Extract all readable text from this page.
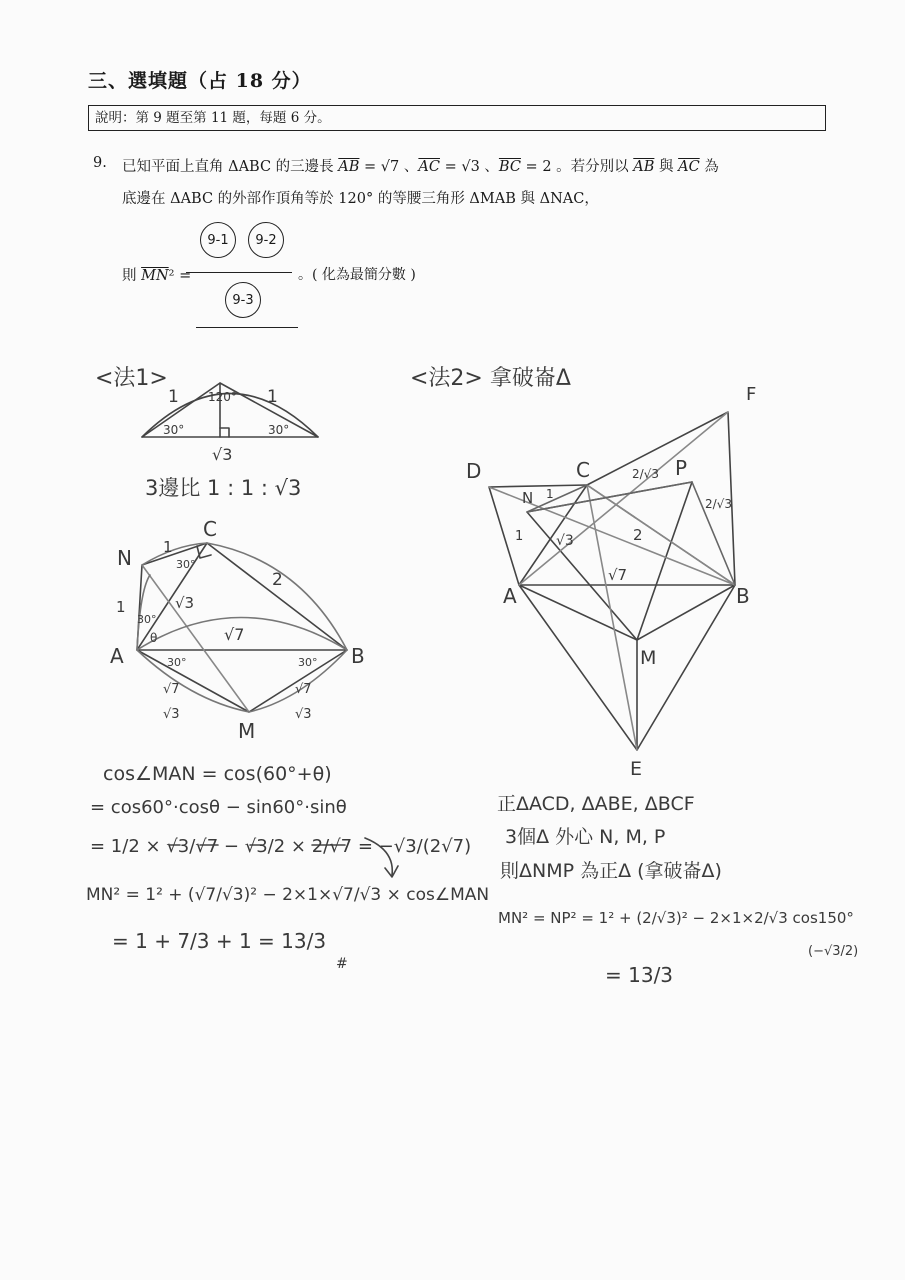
三、選填題（占 18 分）
說明：第 9 題至第 11 題，每題 6 分。
9. 已知平面上直角 ΔABC 的三邊長 $\overline{AB} = √7$ 、$\overline{AC} = √3$ 、$\overline{BC} = 2$ 。若分別以 $\overline{AB}$ 與 $\overline{AC}$ 為
底邊在 ΔABC 的外部作頂角等於 120° 的等腰三角形 ΔMAB 與 ΔNAC，
則 $\overline{MN}^2$ =
9-1	9-2
9-3
。( 化為最簡分數 )
<法1>
1	1
120°
30°	30°
√3
3邊比 1 : 1 : √3
C
N
A	B
M
θ
1
1	√3
2
√7
√7
√3
√7
√3
30°
30°
30°	30°
cos∠MAN = cos(60°+θ)
= cos60°·cosθ − sin60°·sinθ
= 1/2 × √3/√7 − √3/2 × 2/√7 = −√3/(2√7)
MN² = 1² + (√7/√3)² − 2×1×√7/√3 × cos∠MAN
= 1 + 7/3 + 1 = 13/3
#
<法2> 拿破崙Δ
D	C	P
F
N
A	B
M
E
2/√3
2/√3
1
1 √3	2
√7
正ΔACD, ΔABE, ΔBCF
3個Δ 外心 N, M, P
則ΔNMP 為正Δ (拿破崙Δ)
MN² = NP² = 1² + (2/√3)² − 2×1×2/√3 cos150°
(−√3/2)
= 13/3
